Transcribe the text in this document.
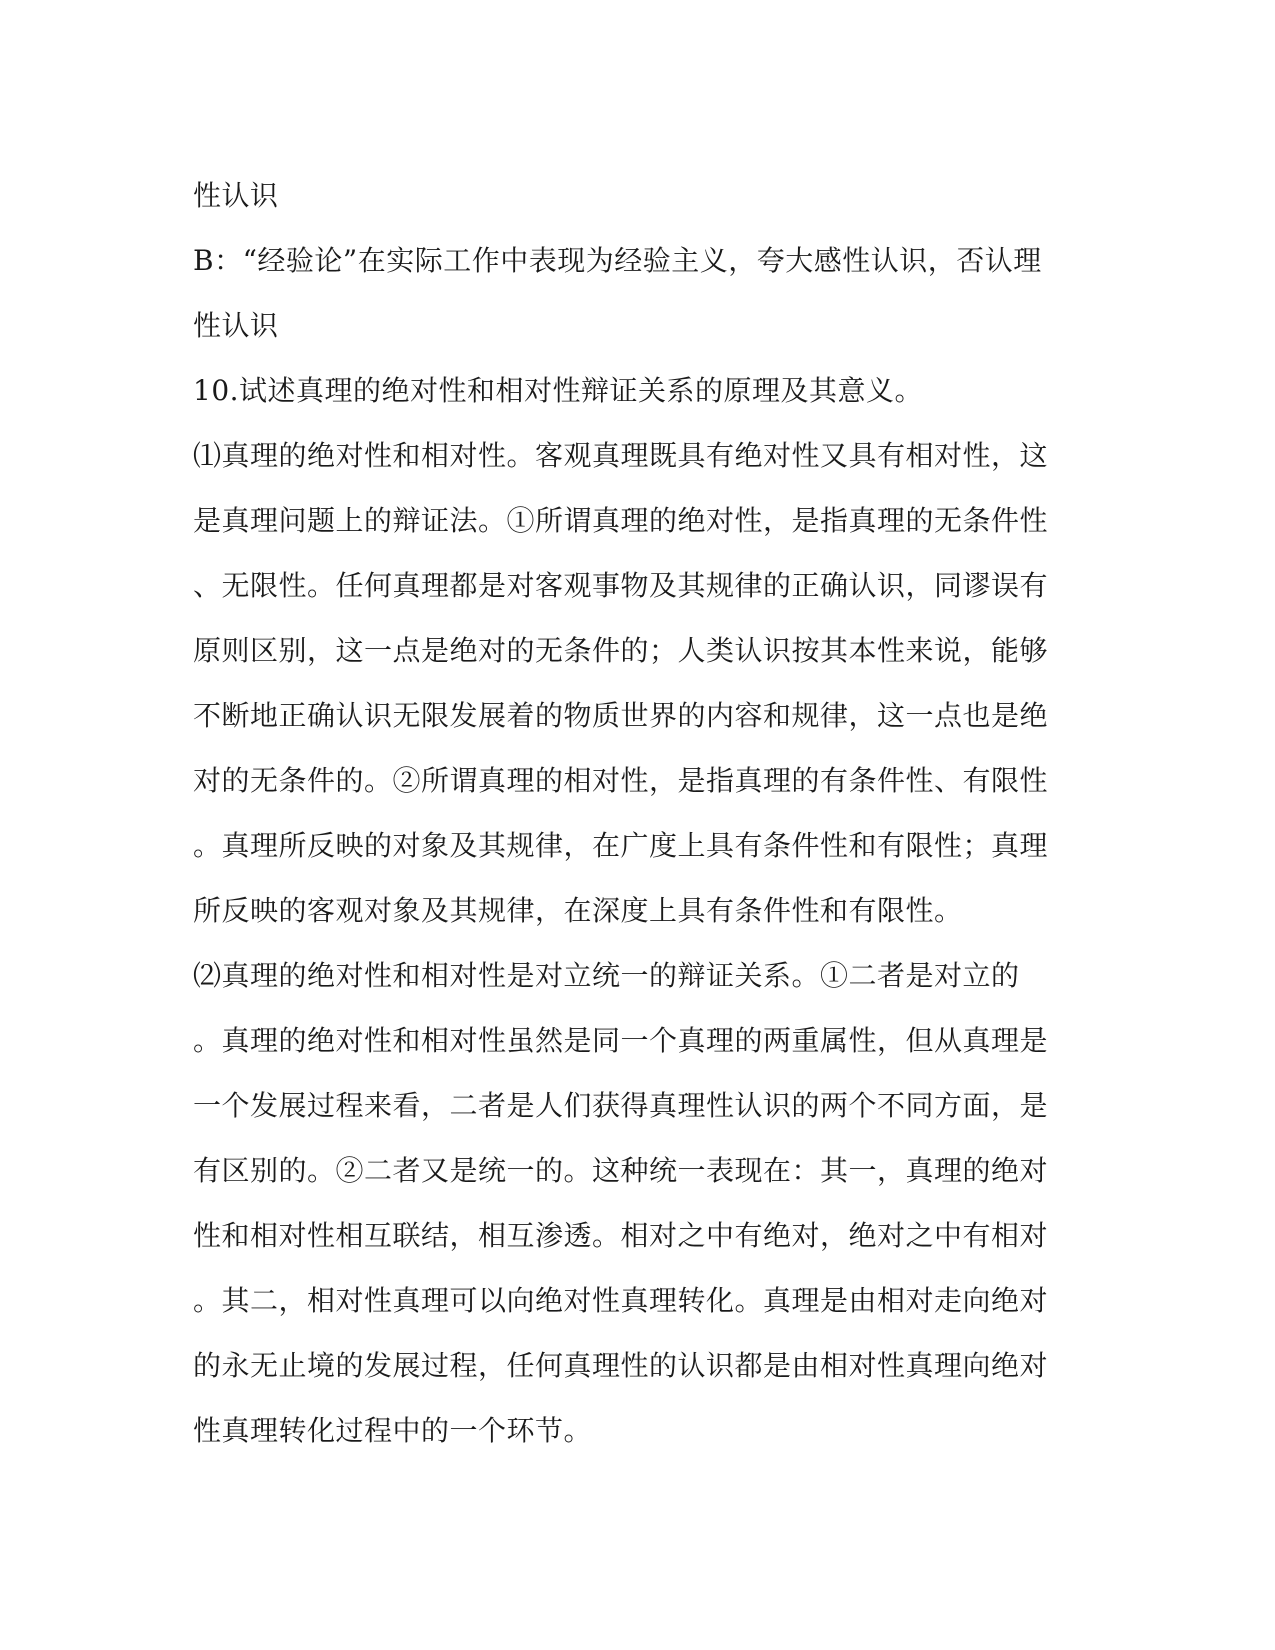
性认识
B：“经验论”在实际工作中表现为经验主义，夸大感性认识，否认理
性认识
10.试述真理的绝对性和相对性辩证关系的原理及其意义。
⑴真理的绝对性和相对性。客观真理既具有绝对性又具有相对性，这
是真理问题上的辩证法。①所谓真理的绝对性，是指真理的无条件性
、无限性。任何真理都是对客观事物及其规律的正确认识，同谬误有
原则区别，这一点是绝对的无条件的；人类认识按其本性来说，能够
不断地正确认识无限发展着的物质世界的内容和规律，这一点也是绝
对的无条件的。②所谓真理的相对性，是指真理的有条件性、有限性
。真理所反映的对象及其规律，在广度上具有条件性和有限性；真理
所反映的客观对象及其规律，在深度上具有条件性和有限性。
⑵真理的绝对性和相对性是对立统一的辩证关系。①二者是对立的
。真理的绝对性和相对性虽然是同一个真理的两重属性，但从真理是
一个发展过程来看，二者是人们获得真理性认识的两个不同方面，是
有区别的。②二者又是统一的。这种统一表现在：其一，真理的绝对
性和相对性相互联结，相互渗透。相对之中有绝对，绝对之中有相对
。其二，相对性真理可以向绝对性真理转化。真理是由相对走向绝对
的永无止境的发展过程，任何真理性的认识都是由相对性真理向绝对
性真理转化过程中的一个环节。
